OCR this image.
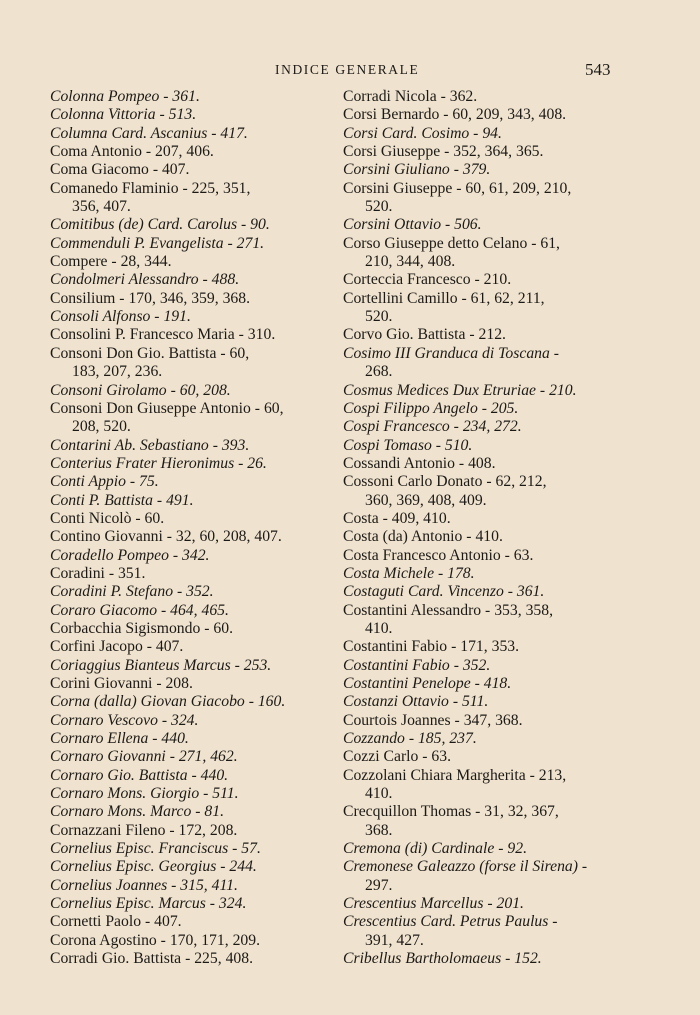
INDICE GENERALE	543
Colonna Pompeo - 361.
Colonna Vittoria - 513.
Columna Card. Ascanius - 417.
Coma Antonio - 207, 406.
Coma Giacomo - 407.
Comanedo Flaminio - 225, 351,
356, 407.
Comitibus (de) Card. Carolus - 90.
Commenduli P. Evangelista - 271.
Compere - 28, 344.
Condolmeri Alessandro - 488.
Consilium - 170, 346, 359, 368.
Consoli Alfonso - 191.
Consolini P. Francesco Maria - 310.
Consoni Don Gio. Battista - 60,
183, 207, 236.
Consoni Girolamo - 60, 208.
Consoni Don Giuseppe Antonio - 60,
208, 520.
Contarini Ab. Sebastiano - 393.
Conterius Frater Hieronimus - 26.
Conti Appio - 75.
Conti P. Battista - 491.
Conti Nicolò - 60.
Contino Giovanni - 32, 60, 208, 407.
Coradello Pompeo - 342.
Coradini - 351.
Coradini P. Stefano - 352.
Coraro Giacomo - 464, 465.
Corbacchia Sigismondo - 60.
Corfini Jacopo - 407.
Coriaggius Bianteus Marcus - 253.
Corini Giovanni - 208.
Corna (dalla) Giovan Giacobo - 160.
Cornaro Vescovo - 324.
Cornaro Ellena - 440.
Cornaro Giovanni - 271, 462.
Cornaro Gio. Battista - 440.
Cornaro Mons. Giorgio - 511.
Cornaro Mons. Marco - 81.
Cornazzani Fileno - 172, 208.
Cornelius Episc. Franciscus - 57.
Cornelius Episc. Georgius - 244.
Cornelius Joannes - 315, 411.
Cornelius Episc. Marcus - 324.
Cornetti Paolo - 407.
Corona Agostino - 170, 171, 209.
Corradi Gio. Battista - 225, 408.
Corradi Nicola - 362.
Corsi Bernardo - 60, 209, 343, 408.
Corsi Card. Cosimo - 94.
Corsi Giuseppe - 352, 364, 365.
Corsini Giuliano - 379.
Corsini Giuseppe - 60, 61, 209, 210,
520.
Corsini Ottavio - 506.
Corso Giuseppe detto Celano - 61,
210, 344, 408.
Corteccia Francesco - 210.
Cortellini Camillo - 61, 62, 211,
520.
Corvo Gio. Battista - 212.
Cosimo III Granduca di Toscana -
268.
Cosmus Medices Dux Etruriae - 210.
Cospi Filippo Angelo - 205.
Cospi Francesco - 234, 272.
Cospi Tomaso - 510.
Cossandi Antonio - 408.
Cossoni Carlo Donato - 62, 212,
360, 369, 408, 409.
Costa - 409, 410.
Costa (da) Antonio - 410.
Costa Francesco Antonio - 63.
Costa Michele - 178.
Costaguti Card. Vincenzo - 361.
Costantini Alessandro - 353, 358,
410.
Costantini Fabio - 171, 353.
Costantini Fabio - 352.
Costantini Penelope - 418.
Costanzi Ottavio - 511.
Courtois Joannes - 347, 368.
Cozzando - 185, 237.
Cozzi Carlo - 63.
Cozzolani Chiara Margherita - 213,
410.
Crecquillon Thomas - 31, 32, 367,
368.
Cremona (di) Cardinale - 92.
Cremonese Galeazzo (forse il Sirena) -
297.
Crescentius Marcellus - 201.
Crescentius Card. Petrus Paulus -
391, 427.
Cribellus Bartholomaeus - 152.
